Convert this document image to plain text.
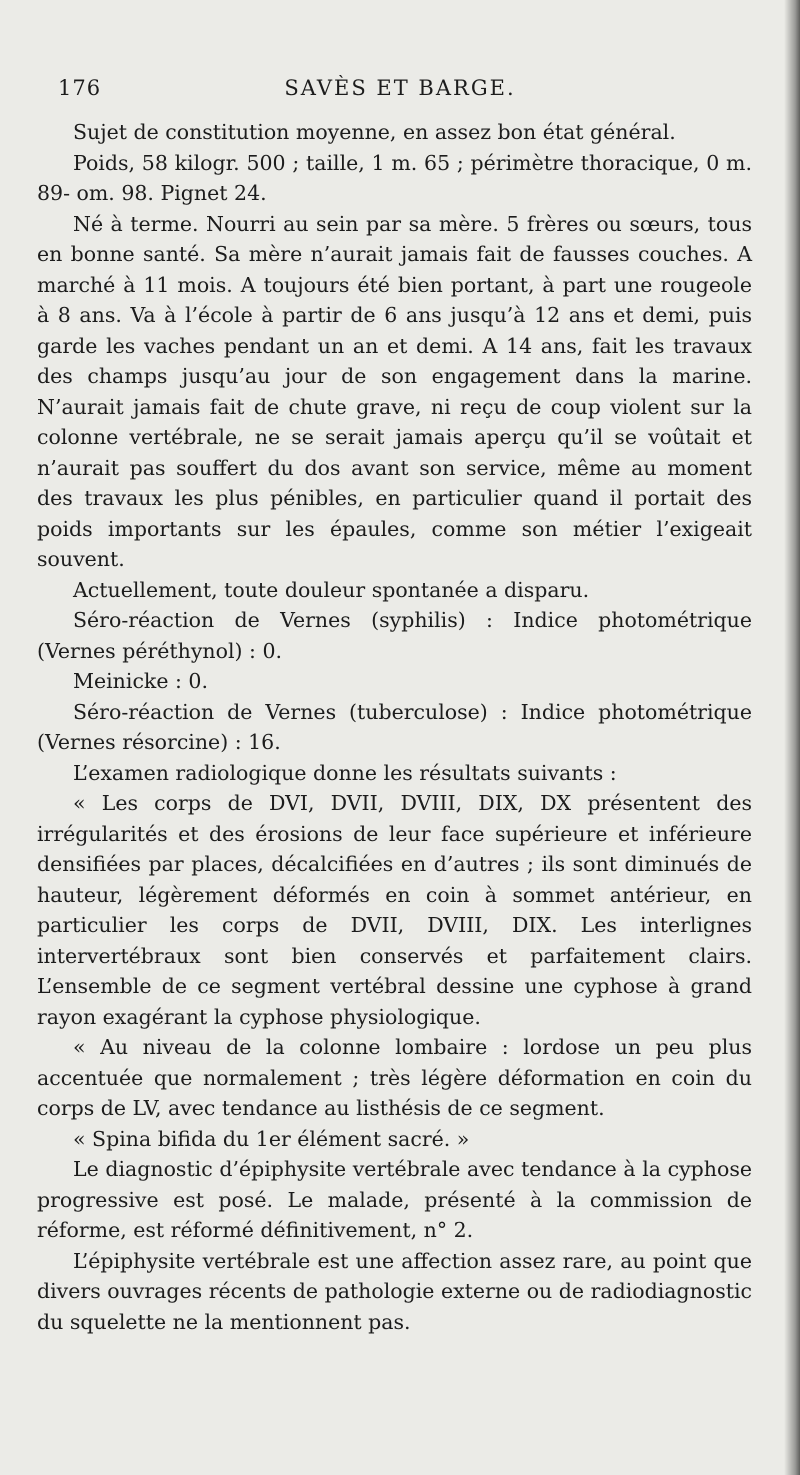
176	SAVÈS ET BARGE.

Sujet de constitution moyenne, en assez bon état général.

Poids, 58 kilogr. 500 ; taille, 1 m. 65 ; périmètre thoracique, 0 m. 89- om. 98. Pignet 24.

Né à terme. Nourri au sein par sa mère. 5 frères ou sœurs, tous en bonne santé. Sa mère n’aurait jamais fait de fausses couches. A marché à 11 mois. A toujours été bien portant, à part une rougeole à 8 ans. Va à l’école à partir de 6 ans jusqu’à 12 ans et demi, puis garde les vaches pendant un an et demi. A 14 ans, fait les travaux des champs jusqu’au jour de son engagement dans la marine. N’aurait jamais fait de chute grave, ni reçu de coup violent sur la colonne vertébrale, ne se serait jamais aperçu qu’il se voûtait et n’aurait pas souffert du dos avant son service, même au moment des travaux les plus pénibles, en particulier quand il portait des poids importants sur les épaules, comme son métier l’exigeait souvent.

Actuellement, toute douleur spontanée a disparu.

Séro-réaction de Vernes (syphilis) : Indice photométrique (Vernes péréthynol) : 0.

Meinicke : 0.

Séro-réaction de Vernes (tuberculose) : Indice photométrique (Vernes résorcine) : 16.

L’examen radiologique donne les résultats suivants :

« Les corps de DVI, DVII, DVIII, DIX, DX présentent des irrégularités et des érosions de leur face supérieure et inférieure densifiées par places, décalcifiées en d’autres ; ils sont diminués de hauteur, légèrement déformés en coin à sommet antérieur, en particulier les corps de DVII, DVIII, DIX. Les interlignes intervertébraux sont bien conservés et parfaitement clairs. L’ensemble de ce segment vertébral dessine une cyphose à grand rayon exagérant la cyphose physiologique.

« Au niveau de la colonne lombaire : lordose un peu plus accentuée que normalement ; très légère déformation en coin du corps de LV, avec tendance au listhésis de ce segment.

« Spina bifida du 1er élément sacré. »

Le diagnostic d’épiphysite vertébrale avec tendance à la cyphose progressive est posé. Le malade, présenté à la commission de réforme, est réformé définitivement, n° 2.

L’épiphysite vertébrale est une affection assez rare, au point que divers ouvrages récents de pathologie externe ou de radiodiagnostic du squelette ne la mentionnent pas.
